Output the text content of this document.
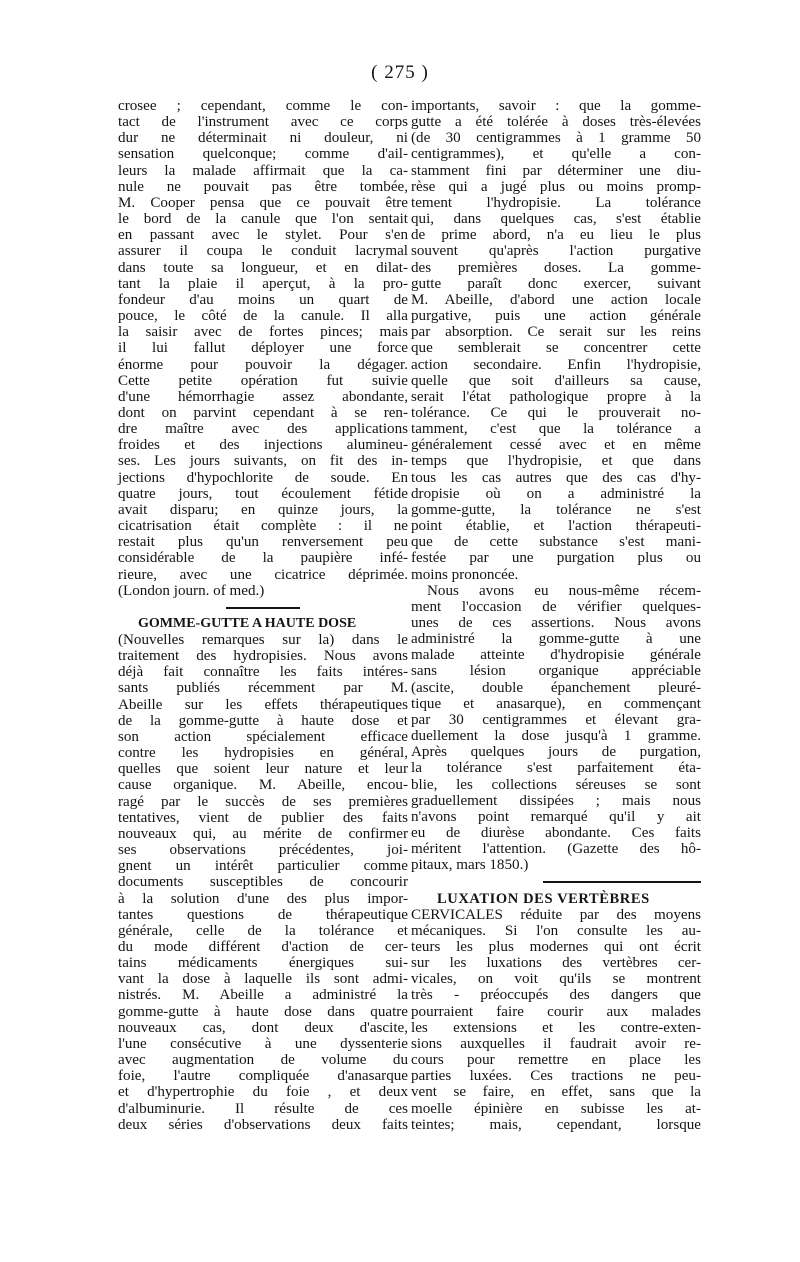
( 275 )
crosee ; cependant, comme le con-
tact de l'instrument avec ce corps
dur ne déterminait ni douleur, ni
sensation quelconque; comme d'ail-
leurs la malade affirmait que la ca-
nule ne pouvait pas être tombée,
M. Cooper pensa que ce pouvait être
le bord de la canule que l'on sentait
en passant avec le stylet. Pour s'en
assurer il coupa le conduit lacrymal
dans toute sa longueur, et en dilat-
tant la plaie il aperçut, à la pro-
fondeur d'au moins un quart de
pouce, le côté de la canule. Il alla
la saisir avec de fortes pinces; mais
il lui fallut déployer une force
énorme pour pouvoir la dégager.
Cette petite opération fut suivie
d'une hémorrhagie assez abondante,
dont on parvint cependant à se ren-
dre maître avec des applications
froides et des injections alumineu-
ses. Les jours suivants, on fit des in-
jections d'hypochlorite de soude. En
quatre jours, tout écoulement fétide
avait disparu; en quinze jours, la
cicatrisation était complète : il ne
restait plus qu'un renversement peu
considérable de la paupière infé-
rieure, avec une cicatrice déprimée.
(London journ. of med.)
GOMME-GUTTE A HAUTE DOSE
(Nouvelles remarques sur la) dans le
traitement des hydropisies. Nous avons
déjà fait connaître les faits intéres-
sants publiés récemment par M.
Abeille sur les effets thérapeutiques
de la gomme-gutte à haute dose et
son action spécialement efficace
contre les hydropisies en général,
quelles que soient leur nature et leur
cause organique. M. Abeille, encou-
ragé par le succès de ses premières
tentatives, vient de publier des faits
nouveaux qui, au mérite de confirmer
ses observations précédentes, joi-
gnent un intérêt particulier comme
documents susceptibles de concourir
à la solution d'une des plus impor-
tantes questions de thérapeutique
générale, celle de la tolérance et
du mode différent d'action de cer-
tains médicaments énergiques sui-
vant la dose à laquelle ils sont admi-
nistrés. M. Abeille a administré la
gomme-gutte à haute dose dans quatre
nouveaux cas, dont deux d'ascite,
l'une consécutive à une dyssenterie
avec augmentation de volume du
foie, l'autre compliquée d'anasarque
et d'hypertrophie du foie , et deux
d'albuminurie. Il résulte de ces
deux séries d'observations deux faits
importants, savoir : que la gomme-
gutte a été tolérée à doses très-élevées
(de 30 centigrammes à 1 gramme 50
centigrammes), et qu'elle a con-
stamment fini par déterminer une diu-
rèse qui a jugé plus ou moins promp-
tement l'hydropisie. La tolérance
qui, dans quelques cas, s'est établie
de prime abord, n'a eu lieu le plus
souvent qu'après l'action purgative
des premières doses. La gomme-
gutte paraît donc exercer, suivant
M. Abeille, d'abord une action locale
purgative, puis une action générale
par absorption. Ce serait sur les reins
que semblerait se concentrer cette
action secondaire. Enfin l'hydropisie,
quelle que soit d'ailleurs sa cause,
serait l'état pathologique propre à la
tolérance. Ce qui le prouverait no-
tamment, c'est que la tolérance a
généralement cessé avec et en même
temps que l'hydropisie, et que dans
tous les cas autres que des cas d'hy-
dropisie où on a administré la
gomme-gutte, la tolérance ne s'est
point établie, et l'action thérapeuti-
que de cette substance s'est mani-
festée par une purgation plus ou
moins prononcée.
Nous avons eu nous-même récem-
ment l'occasion de vérifier quelques-
unes de ces assertions. Nous avons
administré la gomme-gutte à une
malade atteinte d'hydropisie générale
sans lésion organique appréciable
(ascite, double épanchement pleuré-
tique et anasarque), en commençant
par 30 centigrammes et élevant gra-
duellement la dose jusqu'à 1 gramme.
Après quelques jours de purgation,
la tolérance s'est parfaitement éta-
blie, les collections séreuses se sont
graduellement dissipées ; mais nous
n'avons point remarqué qu'il y ait
eu de diurèse abondante. Ces faits
méritent l'attention. (Gazette des hô-
pitaux, mars 1850.)
LUXATION DES VERTÈBRES
CERVICALES réduite par des moyens
mécaniques. Si l'on consulte les au-
teurs les plus modernes qui ont écrit
sur les luxations des vertèbres cer-
vicales, on voit qu'ils se montrent
très - préoccupés des dangers que
pourraient faire courir aux malades
les extensions et les contre-exten-
sions auxquelles il faudrait avoir re-
cours pour remettre en place les
parties luxées. Ces tractions ne peu-
vent se faire, en effet, sans que la
moelle épinière en subisse les at-
teintes; mais, cependant, lorsque
